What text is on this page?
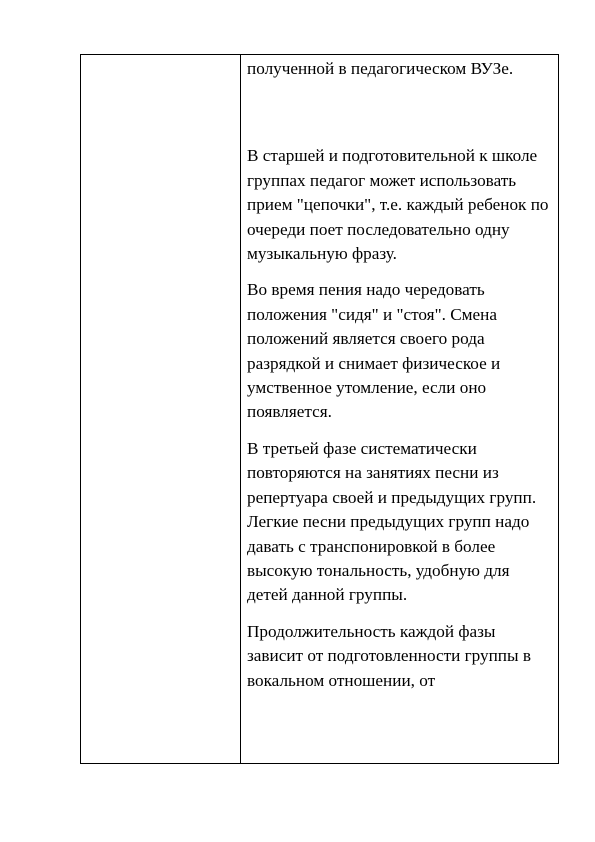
полученной в педагогическом ВУЗе.

В старшей и подготовительной к школе группах педагог может использовать прием "цепочки", т.е. каждый ребенок по очереди поет последовательно одну музыкальную фразу.

Во время пения надо чередовать положения "сидя" и "стоя". Смена положений является своего рода разрядкой и снимает физическое и умственное утомление, если оно появляется.

В третьей фазе систематически повторяются на занятиях песни из репертуара своей и предыдущих групп. Легкие песни предыдущих групп надо давать с транспонировкой в более высокую тональность, удобную для детей данной группы.

Продолжительность каждой фазы зависит от подготовленности группы в вокальном отношении, от
